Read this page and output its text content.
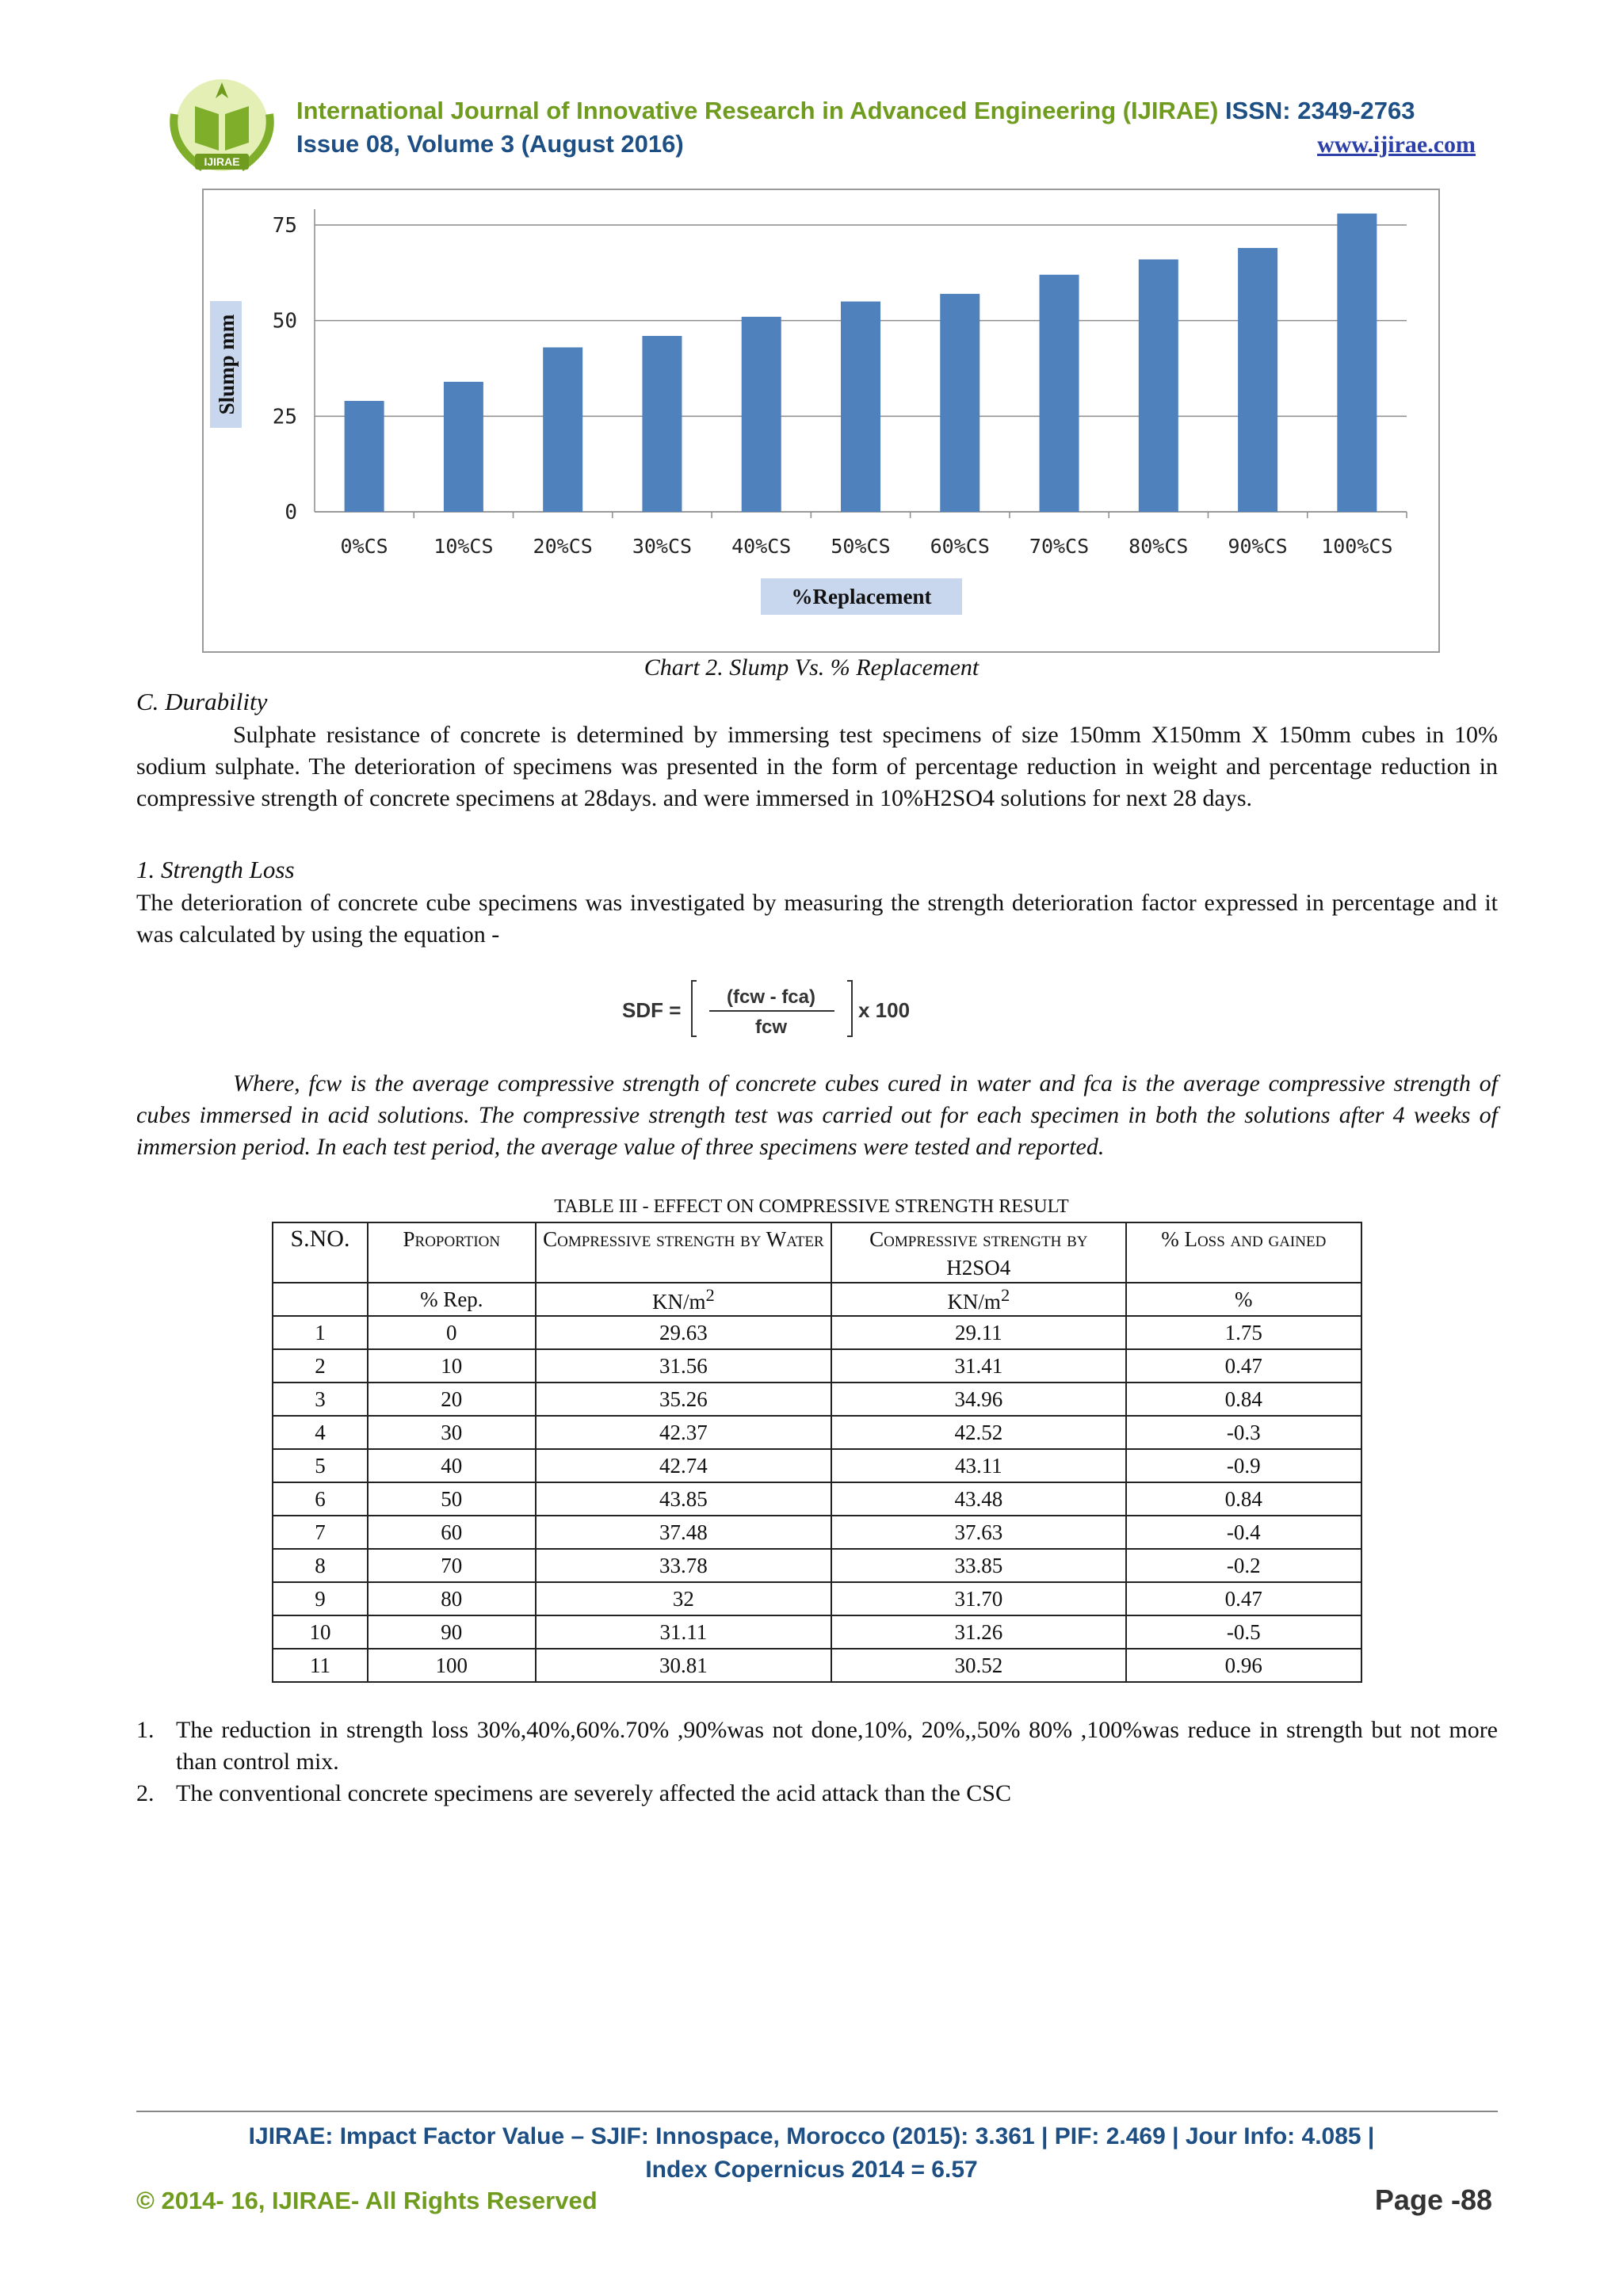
IJIRAE
International Journal of Innovative Research in Advanced Engineering (IJIRAE) ISSN: 2349-2763
Issue 08, Volume 3 (August 2016)	www.ijirae.com
0
25
50
75
0%CS 10%CS 20%CS 30%CS 40%CS 50%CS 60%CS 70%CS 80%CS 90%CS 100%CS
%Replacement
Slump mm
Chart 2. Slump Vs. % Replacement
C. Durability
Sulphate resistance of concrete is determined by immersing test specimens of size 150mm X150mm X 150mm cubes in 10% sodium sulphate. The deterioration of specimens was presented in the form of percentage reduction in weight and percentage reduction in compressive strength of concrete specimens at 28days. and were immersed in 10%H2SO4 solutions for next 28 days.
1. Strength Loss
The deterioration of concrete cube specimens was investigated by measuring the strength deterioration factor expressed in percentage and it was calculated by using the equation -
SDF =
(fcw - fca)
fcw
x 100
Where, fcw is the average compressive strength of concrete cubes cured in water and fca is the average compressive strength of cubes immersed in acid solutions. The compressive strength test was carried out for each specimen in both the solutions after 4 weeks of immersion period. In each test period, the average value of three specimens were tested and reported.
TABLE III - EFFECT ON COMPRESSIVE STRENGTH RESULT
S.NO.	Proportion	Compressive strength by Water	Compressive strength by H2SO4	% Loss and gained
	% Rep.	$KN/m^2$	$KN/m^2$	%
1	0	29.63	29.11	1.75
2	10	31.56	31.41	0.47
3	20	35.26	34.96	0.84
4	30	42.37	42.52	-0.3
5	40	42.74	43.11	-0.9
6	50	43.85	43.48	0.84
7	60	37.48	37.63	-0.4
8	70	33.78	33.85	-0.2
9	80	32	31.70	0.47
10	90	31.11	31.26	-0.5
11	100	30.81	30.52	0.96
1. The reduction in strength loss 30%,40%,60%.70% ,90%was not done,10%, 20%,,50% 80% ,100%was reduce in strength but not more than control mix.
2. The conventional concrete specimens are severely affected the acid attack than the CSC
IJIRAE: Impact Factor Value – SJIF: Innospace, Morocco (2015): 3.361 | PIF: 2.469 | Jour Info: 4.085 |
Index Copernicus 2014 = 6.57
© 2014- 16, IJIRAE- All Rights Reserved	Page -88
